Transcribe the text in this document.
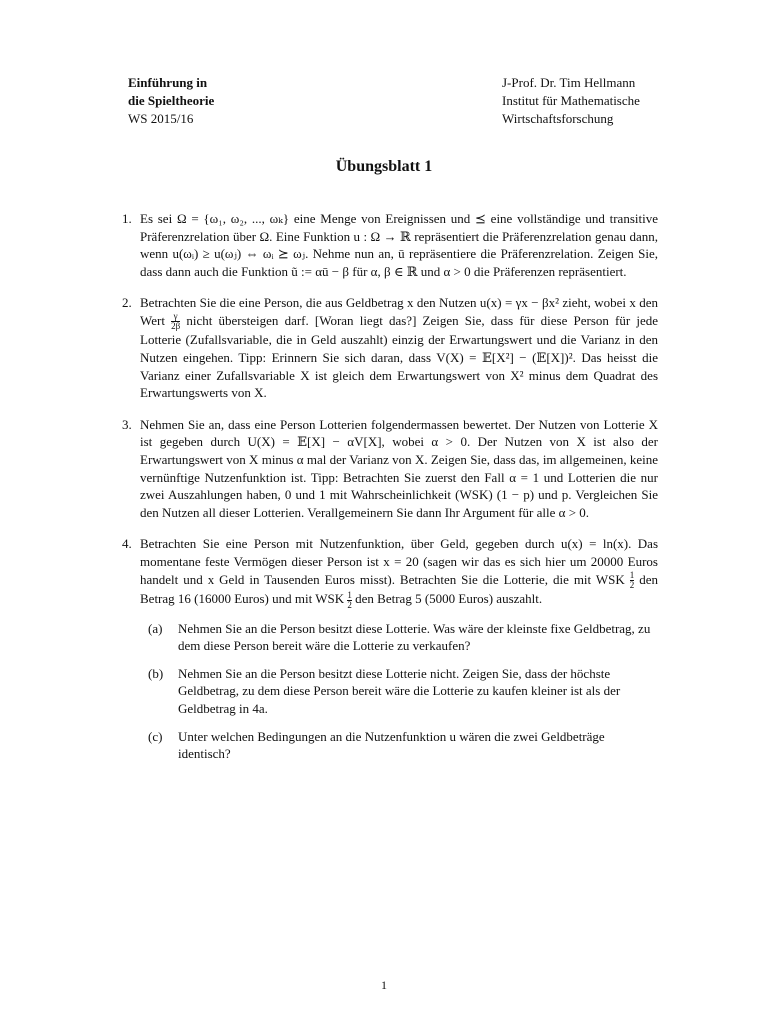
Einführung in
die Spieltheorie
WS 2015/16
J-Prof. Dr. Tim Hellmann
Institut für Mathematische
Wirtschaftsforschung
Übungsblatt 1
1. Es sei Ω = {ω₁, ω₂, ..., ωₖ} eine Menge von Ereignissen und ⪯ eine vollständige und transitive Präferenzrelation über Ω. Eine Funktion u : Ω → ℝ repräsentiert die Präferenzrelation genau dann, wenn u(ωᵢ) ≥ u(ωⱼ) ⇔ ωᵢ ⪰ ωⱼ. Nehme nun an, ū repräsentiere die Präferenzrelation. Zeigen Sie, dass dann auch die Funktion ũ := αū − β für α, β ∈ ℝ und α > 0 die Präferenzen repräsentiert.
2. Betrachten Sie die eine Person, die aus Geldbetrag x den Nutzen u(x) = γx − βx² zieht, wobei x den Wert $\frac{\gamma}{2\beta}$ nicht übersteigen darf. [Woran liegt das?] Zeigen Sie, dass für diese Person für jede Lotterie (Zufallsvariable, die in Geld auszahlt) einzig der Erwartungswert und die Varianz in den Nutzen eingehen. Tipp: Erinnern Sie sich daran, dass V(X) = 𝔼[X²] − (𝔼[X])². Das heisst die Varianz einer Zufallsvariable X ist gleich dem Erwartungswert von X² minus dem Quadrat des Erwartungswerts von X.
3. Nehmen Sie an, dass eine Person Lotterien folgendermassen bewertet. Der Nutzen von Lotterie X ist gegeben durch U(X) = 𝔼[X] − αV[X], wobei α > 0. Der Nutzen von X ist also der Erwartungswert von X minus α mal der Varianz von X. Zeigen Sie, dass das, im allgemeinen, keine vernünftige Nutzenfunktion ist. Tipp: Betrachten Sie zuerst den Fall α = 1 und Lotterien die nur zwei Auszahlungen haben, 0 und 1 mit Wahrscheinlichkeit (WSK) (1 − p) und p. Vergleichen Sie den Nutzen all dieser Lotterien. Verallgemeinern Sie dann Ihr Argument für alle α > 0.
4. Betrachten Sie eine Person mit Nutzenfunktion, über Geld, gegeben durch u(x) = ln(x). Das momentane feste Vermögen dieser Person ist x = 20 (sagen wir das es sich hier um 20000 Euros handelt und x Geld in Tausenden Euros misst). Betrachten Sie die Lotterie, die mit WSK $\frac{1}{2}$ den Betrag 16 (16000 Euros) und mit WSK $\frac{1}{2}$ den Betrag 5 (5000 Euros) auszahlt.
(a) Nehmen Sie an die Person besitzt diese Lotterie. Was wäre der kleinste fixe Geldbetrag, zu dem diese Person bereit wäre die Lotterie zu verkaufen?
(b) Nehmen Sie an die Person besitzt diese Lotterie nicht. Zeigen Sie, dass der höchste Geldbetrag, zu dem diese Person bereit wäre die Lotterie zu kaufen kleiner ist als der Geldbetrag in 4a.
(c) Unter welchen Bedingungen an die Nutzenfunktion u wären die zwei Geldbeträge identisch?
1
